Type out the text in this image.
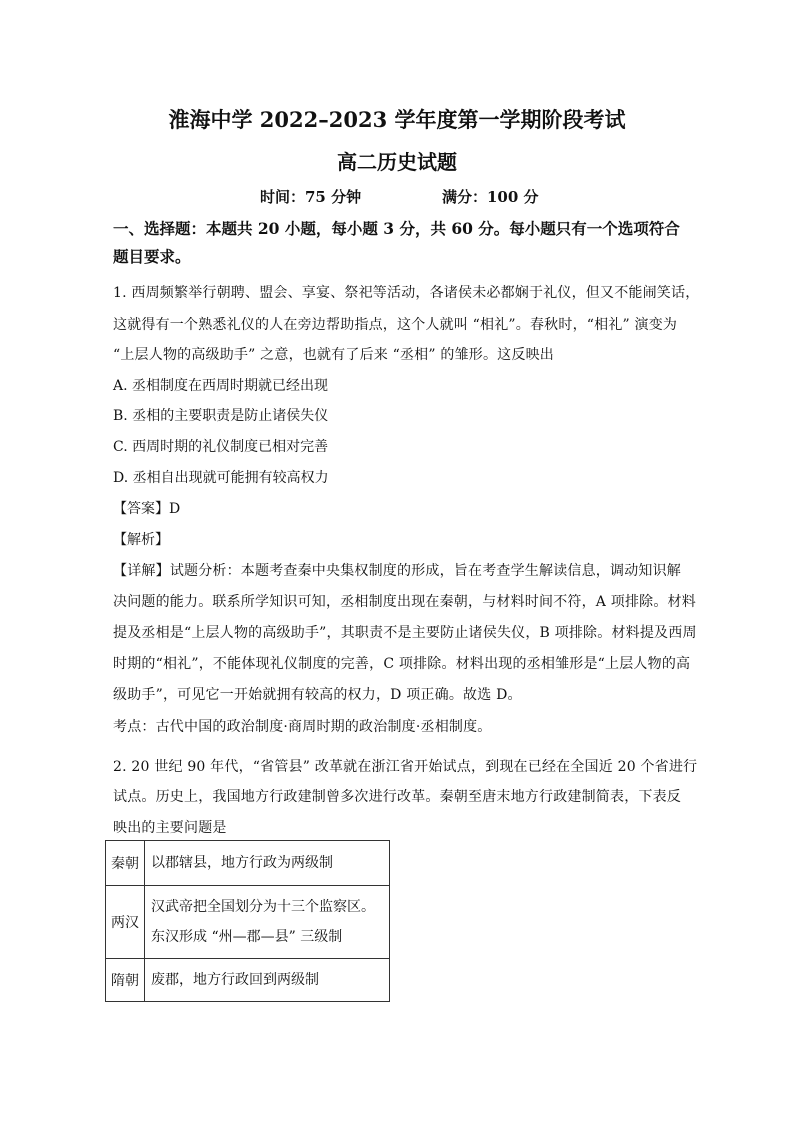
淮海中学 2022–2023 学年度第一学期阶段考试
高二历史试题
时间：75 分钟	满分：100 分
一、选择题：本题共 20 小题，每小题 3 分，共 60 分。每小题只有一个选项符合
题目要求。
1. 西周频繁举行朝聘、盟会、享宴、祭祀等活动，各诸侯未必都娴于礼仪，但又不能闹笑话，
这就得有一个熟悉礼仪的人在旁边帮助指点，这个人就叫 “相礼”。春秋时，“相礼” 演变为
“上层人物的高级助手” 之意，也就有了后来 “丞相” 的雏形。这反映出
A. 丞相制度在西周时期就已经出现
B. 丞相的主要职责是防止诸侯失仪
C. 西周时期的礼仪制度已相对完善
D. 丞相自出现就可能拥有较高权力
【答案】D
【解析】
【详解】试题分析：本题考查秦中央集权制度的形成，旨在考查学生解读信息，调动知识解
决问题的能力。联系所学知识可知，丞相制度出现在秦朝，与材料时间不符，A 项排除。材料
提及丞相是“上层人物的高级助手”，其职责不是主要防止诸侯失仪，B 项排除。材料提及西周
时期的“相礼”，不能体现礼仪制度的完善，C 项排除。材料出现的丞相雏形是“上层人物的高
级助手”，可见它一开始就拥有较高的权力，D 项正确。故选 D。
考点：古代中国的政治制度·商周时期的政治制度·丞相制度。
2. 20 世纪 90 年代，“省管县” 改革就在浙江省开始试点，到现在已经在全国近 20 个省进行
试点。历史上，我国地方行政建制曾多次进行改革。秦朝至唐末地方行政建制简表，下表反
映出的主要问题是
秦朝	以郡辖县，地方行政为两级制

两汉	汉武帝把全国划分为十三个监察区。
东汉形成 “州—郡—县” 三级制

隋朝	废郡，地方行政回到两级制
